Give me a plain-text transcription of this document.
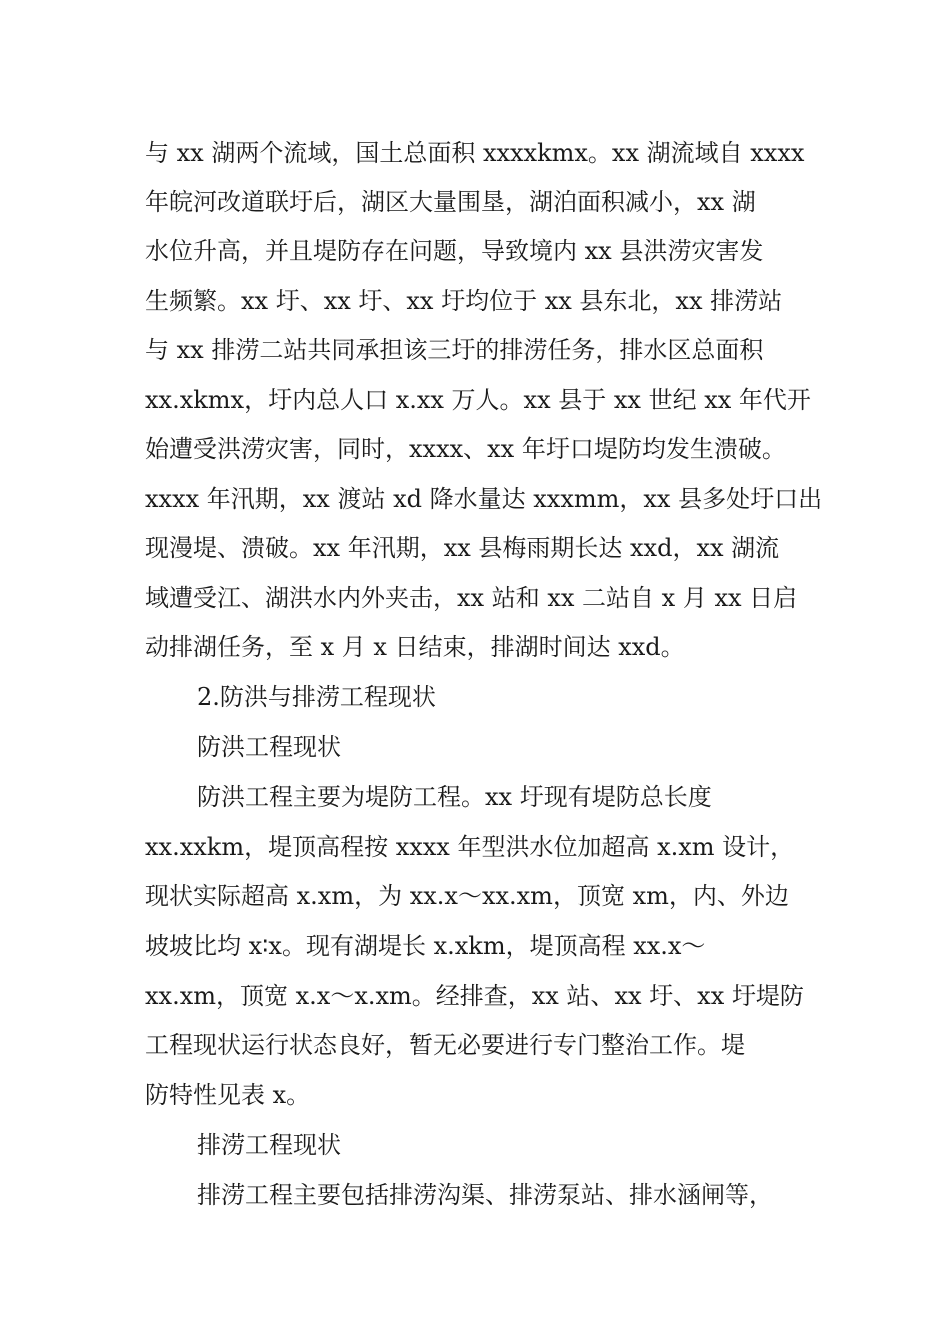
与 xx 湖两个流域，国土总面积 xxxxkmx。xx 湖流域自 xxxx
年皖河改道联圩后，湖区大量围垦，湖泊面积减小，xx 湖
水位升高，并且堤防存在问题，导致境内 xx 县洪涝灾害发
生频繁。xx 圩、xx 圩、xx 圩均位于 xx 县东北，xx 排涝站
与 xx 排涝二站共同承担该三圩的排涝任务，排水区总面积
xx.xkmx，圩内总人口 x.xx 万人。xx 县于 xx 世纪 xx 年代开
始遭受洪涝灾害，同时，xxxx、xx 年圩口堤防均发生溃破。
xxxx 年汛期，xx 渡站 xd 降水量达 xxxmm，xx 县多处圩口出
现漫堤、溃破。xx 年汛期，xx 县梅雨期长达 xxd，xx 湖流
域遭受江、湖洪水内外夹击，xx 站和 xx 二站自 x 月 xx 日启
动排湖任务，至 x 月 x 日结束，排湖时间达 xxd。
2.防洪与排涝工程现状
防洪工程现状
防洪工程主要为堤防工程。xx 圩现有堤防总长度
xx.xxkm，堤顶高程按 xxxx 年型洪水位加超高 x.xm 设计，
现状实际超高 x.xm，为 xx.x～xx.xm，顶宽 xm，内、外边
坡坡比均 x∶x。现有湖堤长 x.xkm，堤顶高程 xx.x～
xx.xm，顶宽 x.x～x.xm。经排查，xx 站、xx 圩、xx 圩堤防
工程现状运行状态良好，暂无必要进行专门整治工作。堤
防特性见表 x。
排涝工程现状
排涝工程主要包括排涝沟渠、排涝泵站、排水涵闸等，
